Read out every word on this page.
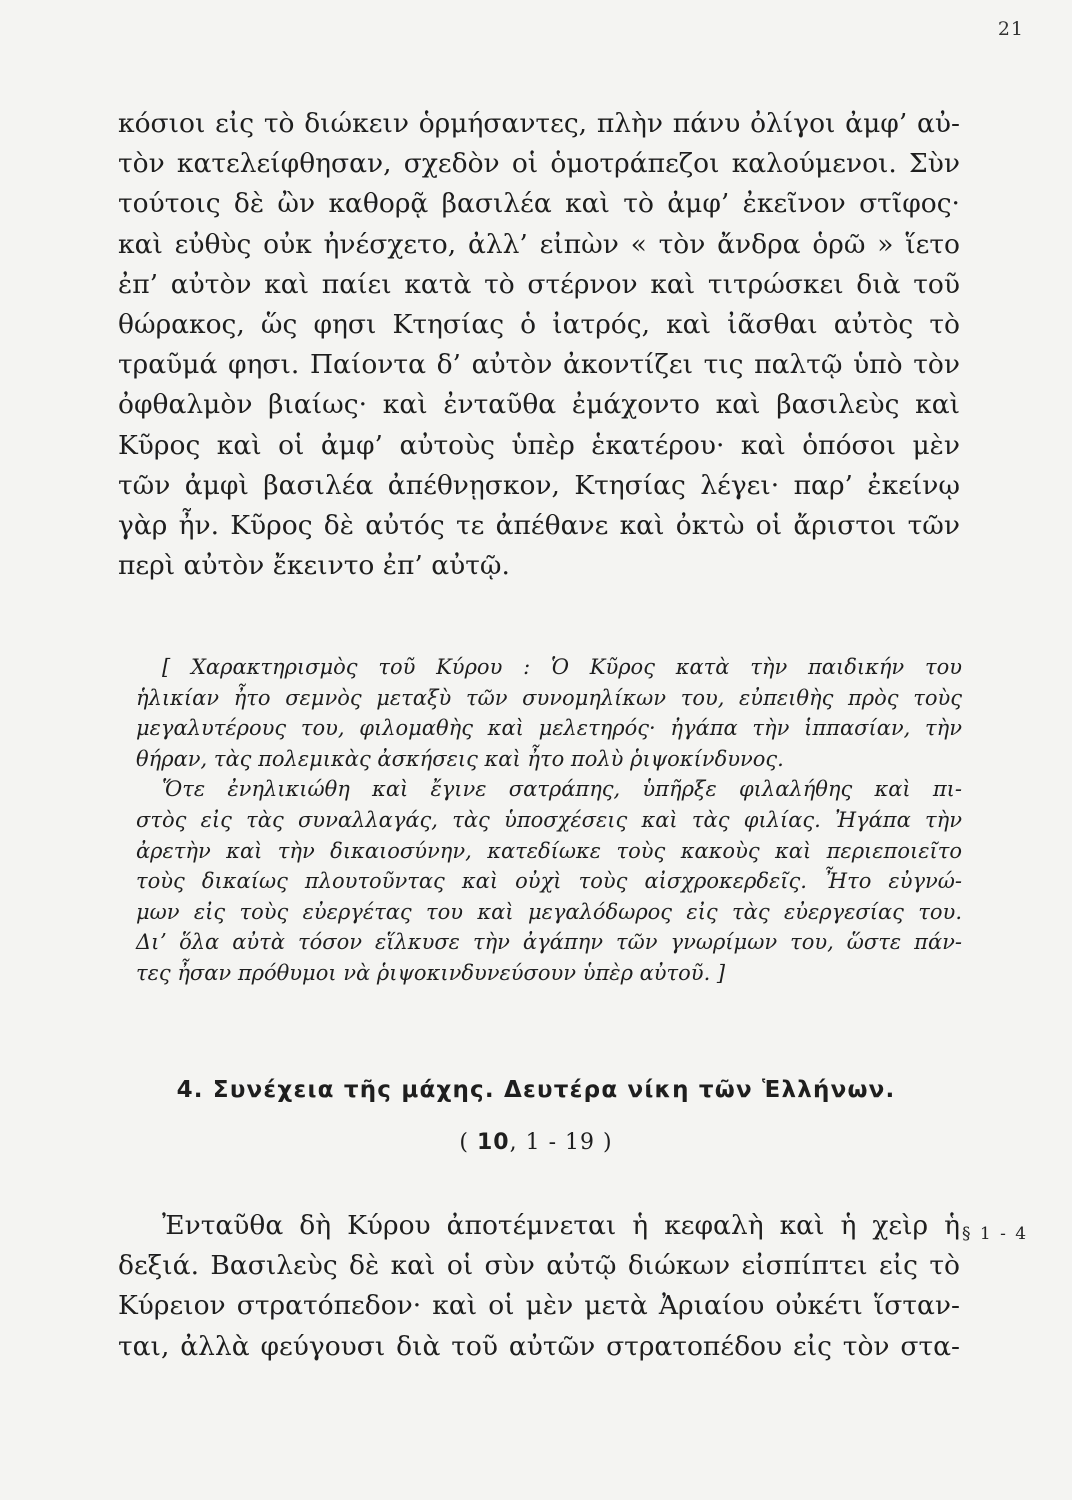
21

κόσιοι εἰς τὸ διώκειν ὁρμήσαντες, πλὴν πάνυ ὀλίγοι ἀμφ’ αὐ-
τὸν κατελείφθησαν, σχεδὸν οἱ ὁμοτράπεζοι καλούμενοι. Σὺν
τούτοις δὲ ὢν καθορᾷ βασιλέα καὶ τὸ ἀμφ’ ἐκεῖνον στῖφος·
καὶ εὐθὺς οὐκ ἠνέσχετο, ἀλλ’ εἰπὼν « τὸν ἄνδρα ὁρῶ » ἵετο
ἐπ’ αὐτὸν καὶ παίει κατὰ τὸ στέρνον καὶ τιτρώσκει διὰ τοῦ
θώρακος, ὥς φησι Κτησίας ὁ ἰατρός, καὶ ἰᾶσθαι αὐτὸς τὸ
τραῦμά φησι. Παίοντα δ’ αὐτὸν ἀκοντίζει τις παλτῷ ὑπὸ τὸν
ὀφθαλμὸν βιαίως· καὶ ἐνταῦθα ἐμάχοντο καὶ βασιλεὺς καὶ
Κῦρος καὶ οἱ ἀμφ’ αὐτοὺς ὑπὲρ ἑκατέρου· καὶ ὁπόσοι μὲν
τῶν ἀμφὶ βασιλέα ἀπέθνῃσκον, Κτησίας λέγει· παρ’ ἐκείνῳ
γὰρ ἦν. Κῦρος δὲ αὐτός τε ἀπέθανε καὶ ὀκτὼ οἱ ἄριστοι τῶν
περὶ αὐτὸν ἔκειντο ἐπ’ αὐτῷ.

[ Χαρακτηρισμὸς τοῦ Κύρου : Ὁ Κῦρος κατὰ τὴν παιδικήν του
ἡλικίαν ἦτο σεμνὸς μεταξὺ τῶν συνομηλίκων του, εὐπειθὴς πρὸς τοὺς
μεγαλυτέρους του, φιλομαθὴς καὶ μελετηρός· ἠγάπα τὴν ἱππασίαν, τὴν
θήραν, τὰς πολεμικὰς ἀσκήσεις καὶ ἦτο πολὺ ῥιψοκίνδυνος.
Ὅτε ἐνηλικιώθη καὶ ἔγινε σατράπης, ὑπῆρξε φιλαλήθης καὶ πι-
στὸς εἰς τὰς συναλλαγάς, τὰς ὑποσχέσεις καὶ τὰς φιλίας. Ἠγάπα τὴν
ἀρετὴν καὶ τὴν δικαιοσύνην, κατεδίωκε τοὺς κακοὺς καὶ περιεποιεῖτο
τοὺς δικαίως πλουτοῦντας καὶ οὐχὶ τοὺς αἰσχροκερδεῖς. Ἦτο εὐγνώ-
μων εἰς τοὺς εὐεργέτας του καὶ μεγαλόδωρος εἰς τὰς εὐεργεσίας του.
Διʼ ὅλα αὐτὰ τόσον εἵλκυσε τὴν ἀγάπην τῶν γνωρίμων του, ὥστε πάν-
τες ἦσαν πρόθυμοι νὰ ῥιψοκινδυνεύσουν ὑπὲρ αὐτοῦ. ]

4. Συνέχεια τῆς μάχης. Δευτέρα νίκη τῶν Ἑλλήνων.
( 10, 1 - 19 )

Ἐνταῦθα δὴ Κύρου ἀποτέμνεται ἡ κεφαλὴ καὶ ἡ χεὶρ ἡ
δεξιά. Βασιλεὺς δὲ καὶ οἱ σὺν αὐτῷ διώκων εἰσπίπτει εἰς τὸ
Κύρειον στρατόπεδον· καὶ οἱ μὲν μετὰ Ἀριαίου οὐκέτι ἵσταν-
ται, ἀλλὰ φεύγουσι διὰ τοῦ αὐτῶν στρατοπέδου εἰς τὸν στα-

§ 1 - 4
